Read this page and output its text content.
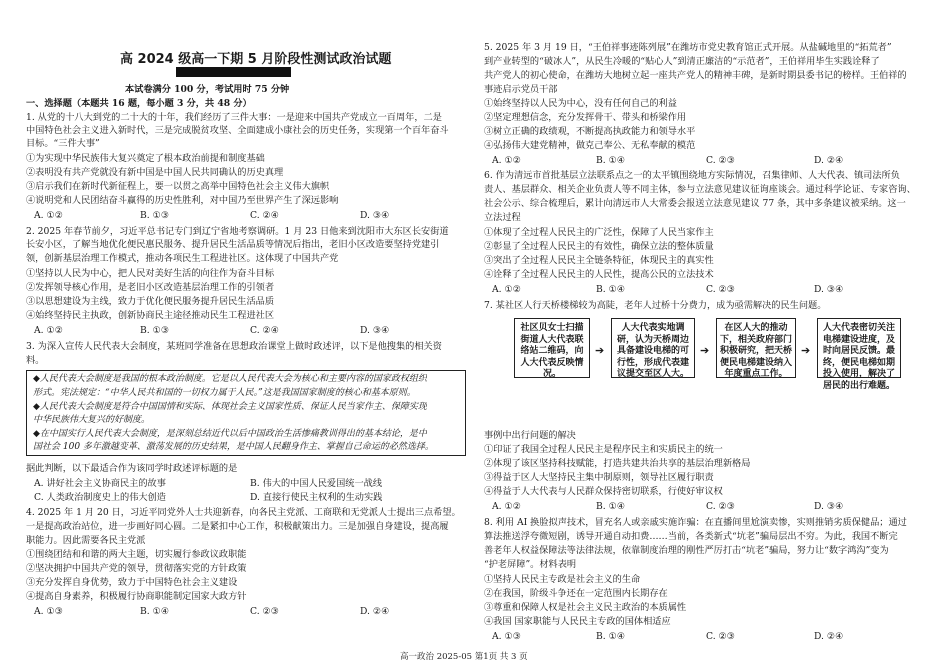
高 2024 级高一下期 5 月阶段性测试政治试题
本试卷满分 100 分，考试用时 75 分钟
一、选择题（本题共 16 题，每小题 3 分，共 48 分）
1. 从党的十八大到党的二十大的十年，我们经历了三件大事：一是迎来中国共产党成立一百周年，二是
中国特色社会主义进入新时代，三是完成脱贫攻坚、全面建成小康社会的历史任务，实现第一个百年奋斗
目标。“三件大事”
①为实现中华民族伟大复兴奠定了根本政治前提和制度基础
②表明没有共产党就没有新中国是中国人民共同确认的历史真理
③启示我们在新时代新征程上，要一以贯之高举中国特色社会主义伟大旗帜
④说明党和人民团结奋斗赢得的历史性胜利，对中国乃至世界产生了深远影响
A. ①②	B. ①③	C. ②④	D. ③④
2. 2025 年春节前夕，习近平总书记专门到辽宁省地考察调研。1 月 23 日他来到沈阳市大东区长安街道
长安小区，了解当地优化便民惠民服务、提升居民生活品质等情况后指出，老旧小区改造要坚持党建引
领，创新基层治理工作模式，推动各项民生工程进社区。这体现了中国共产党
①坚持以人民为中心，把人民对美好生活的向往作为奋斗目标
②发挥领导核心作用，是老旧小区改造基层治理工作的引领者
③以思想建设为主线，致力于优化便民服务提升居民生活品质
④始终坚持民主执政，创新协商民主途径推动民生工程进社区
A. ①②	B. ①③	C. ②④	D. ③④
3. 为深入宣传人民代表大会制度，某班同学准备在思想政治课堂上做时政述评，以下是他搜集的相关资
料。
◆人民代表大会制度是我国的根本政治制度。它是以人民代表大会为核心和主要内容的国家政权组织
形式。宪法规定：“中华人民共和国的一切权力属于人民。”这是我国国家制度的核心和基本原则。
◆人民代表大会制度是符合中国国情和实际、体现社会主义国家性质、保证人民当家作主、保障实现
中华民族伟大复兴的好制度。
◆在中国实行人民代表大会制度，是深刻总结近代以后中国政治生活惨痛教训得出的基本结论，是中
国社会 100 多年激越变革、激荡发展的历史结果，是中国人民翻身作主、掌握自己命运的必然选择。
据此判断，以下最适合作为该同学时政述评标题的是
A. 讲好社会主义协商民主的故事	B. 伟大的中国人民爱国统一战线
C. 人类政治制度史上的伟大创造	D. 直接行使民主权利的生动实践
4. 2025 年 1 月 20 日，习近平同党外人士共迎新春，向各民主党派、工商联和无党派人士提出三点希望。
一是提高政治站位，进一步画好同心圆。二是紧扣中心工作，积极献策出力。三是加强自身建设，提高履
职能力。因此需要各民主党派
①围绕团结和和谐的两大主题，切实履行参政议政职能
②坚决拥护中国共产党的领导，贯彻落实党的方针政策
③充分发挥自身优势，致力于中国特色社会主义建设
④提高自身素养，积极履行协商职能制定国家大政方针
A. ①③	B. ①④	C. ②③	D. ②④
5. 2025 年 3 月 19 日，“王伯祥事迹陈列展”在潍坊市党史教育馆正式开展。从盐碱地里的“拓荒者”
到产业转型的“破冰人”，从民生冷暖的“贴心人”到清正廉洁的“示范者”，王伯祥用毕生实践诠释了
共产党人的初心使命，在潍坊大地树立起一座共产党人的精神丰碑，是新时期县委书记的榜样。王伯祥的
事迹启示党员干部
①始终坚持以人民为中心，没有任何自己的利益
②坚定理想信念，充分发挥骨干、带头和桥梁作用
③树立正确的政绩观，不断提高执政能力和领导水平
④弘扬伟大建党精神，做克己奉公、无私奉献的模范
A. ①②	B. ①④	C. ②③	D. ②④
6. 作为清远市首批基层立法联系点之一的太平镇围绕地方实际情况，召集律师、人大代表、镇司法所负
责人、基层群众、相关企业负责人等不同主体，参与立法意见建议征询座谈会。通过科学论证、专家咨询、
社会公示、综合梳理后，累计向清远市人大常委会报送立法意见建议 77 条，其中多条建议被采纳。这一
立法过程
①体现了全过程人民民主的广泛性，保障了人民当家作主
②彰显了全过程人民民主的有效性，确保立法的整体质量
③突出了全过程人民民主全链条特征，体现民主的真实性
④诠释了全过程人民民主的人民性，提高公民的立法技术
A. ①②	B. ①④	C. ②③	D. ③④
7. 某社区人行天桥楼梯较为高陡，老年人过桥十分费力，成为亟需解决的民生问题。
社区贝女士扫描街道人大代表联络站二维码，向人大代表反映情况。
➔
人大代表实地调研，认为天桥周边具备建设电梯的可行性，形成代表建议提交至区人大。
➔
在区人大的推动下，相关政府部门积极研究，把天桥便民电梯建设纳入年度重点工作。
➔
人大代表密切关注电梯建设进度，及时向居民反馈。最终，便民电梯如期投入使用，解决了居民的出行难题。
事例中出行问题的解决
①印证了我国全过程人民民主是程序民主和实质民主的统一
②体现了该区坚持科技赋能，打造共建共治共享的基层治理新格局
③得益于区人大坚持民主集中制原则，领导社区履行职责
④得益于人大代表与人民群众保持密切联系，行使好审议权
A. ①②	B. ①④	C. ②③	D. ③④
8. 利用 AI 换脸拟声技术，冒充名人或亲戚实施诈骗：在直播间里尬演卖惨，实则推销劣质保健品；通过
算法推送浮夸微短剧，诱导开通自动扣费……当前，各类新式“坑老”骗局层出不穷。为此，我国不断完
善老年人权益保障法等法律法规，依靠制度治理的刚性严厉打击“坑老”骗局，努力让“数字鸿沟”变为
“护老屏障”。材料表明
①坚持人民民主专政是社会主义的生命
②在我国，阶级斗争还在一定范围内长期存在
③尊重和保障人权是社会主义民主政治的本质属性
④我国 国家职能与人民民主专政的国体相适应
A. ①③	B. ①④	C. ②③	D. ②④
高一政治 2025-05 第1页 共 3 页
